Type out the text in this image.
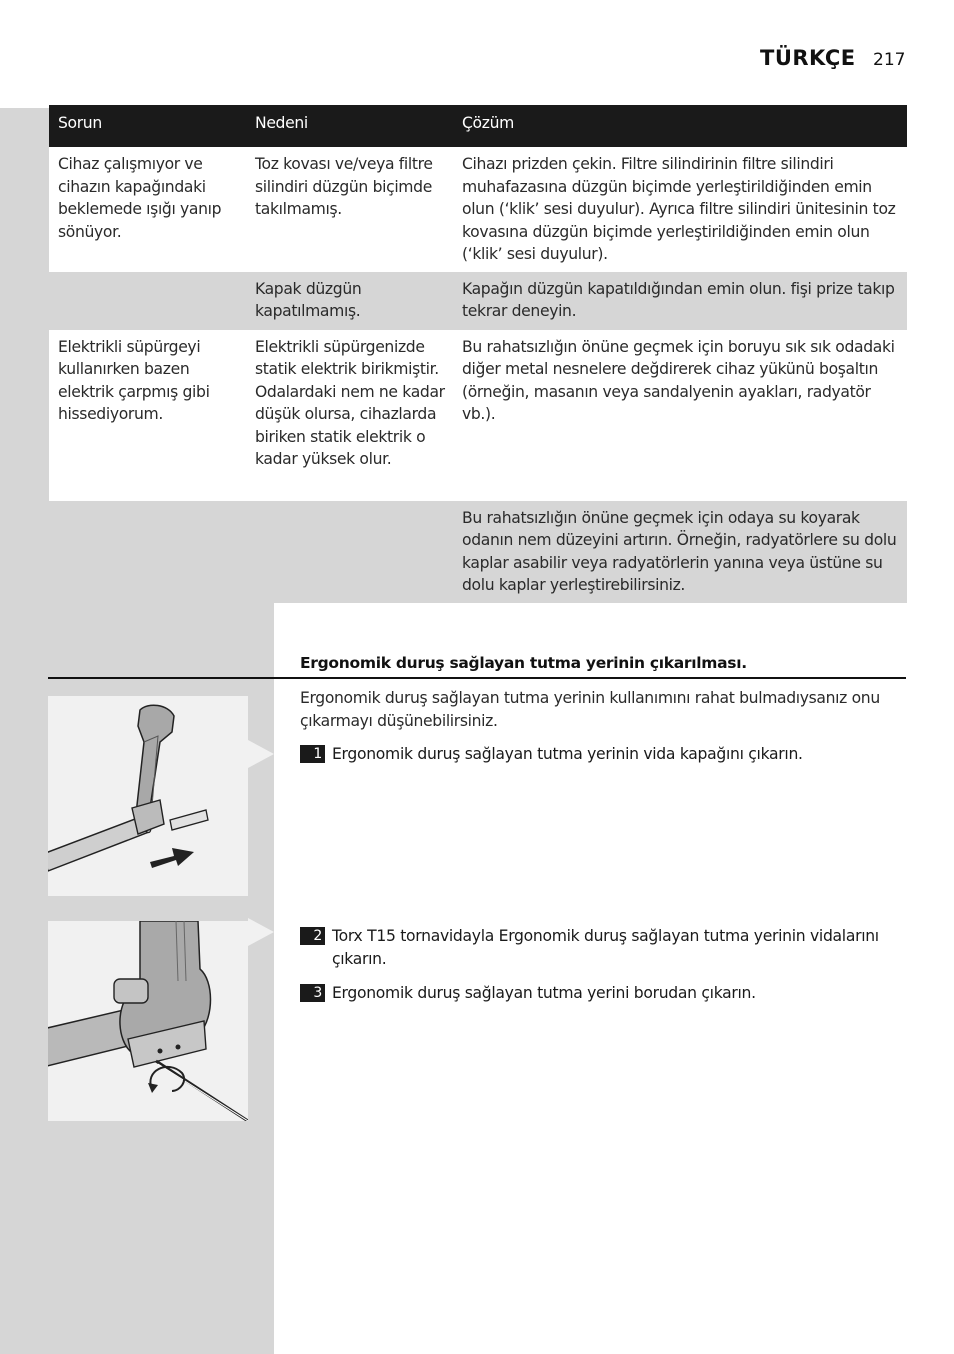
TÜRKÇE 217
Sorun	Nedeni	Çözüm
Cihaz çalışmıyor ve cihazın kapağındaki beklemede ışığı yanıp sönüyor.	Toz kovası ve/veya filtre silindiri düzgün biçimde takılmamış.	Cihazı prizden çekin. Filtre silindirinin filtre silindiri muhafazasına düzgün biçimde yerleştirildiğinden emin olun (‘klik’ sesi duyulur). Ayrıca filtre silindiri ünitesinin toz kovasına düzgün biçimde yerleştirildiğinden emin olun (‘klik’ sesi duyulur).
	Kapak düzgün kapatılmamış.	Kapağın düzgün kapatıldığından emin olun. fişi prize takıp tekrar deneyin.
Elektrikli süpürgeyi kullanırken bazen elektrik çarpmış gibi hissediyorum.	Elektrikli süpürgenizde statik elektrik birikmiştir. Odalardaki nem ne kadar düşük olursa, cihazlarda biriken statik elektrik o kadar yüksek olur.	Bu rahatsızlığın önüne geçmek için boruyu sık sık odadaki diğer metal nesnelere değdirerek cihaz yükünü boşaltın (örneğin, masanın veya sandalyenin ayakları, radyatör vb.).
		Bu rahatsızlığın önüne geçmek için odaya su koyarak odanın nem düzeyini artırın. Örneğin, radyatörlere su dolu kaplar asabilir veya radyatörlerin yanına veya üstüne su dolu kaplar yerleştirebilirsiniz.
Ergonomik duruş sağlayan tutma yerinin çıkarılması.
Ergonomik duruş sağlayan tutma yerinin kullanımını rahat bulmadıysanız onu çıkarmayı düşünebilirsiniz.
1 Ergonomik duruş sağlayan tutma yerinin vida kapağını çıkarın.
2 Torx T15 tornavidayla Ergonomik duruş sağlayan tutma yerinin vidalarını çıkarın.
3 Ergonomik duruş sağlayan tutma yerini borudan çıkarın.
